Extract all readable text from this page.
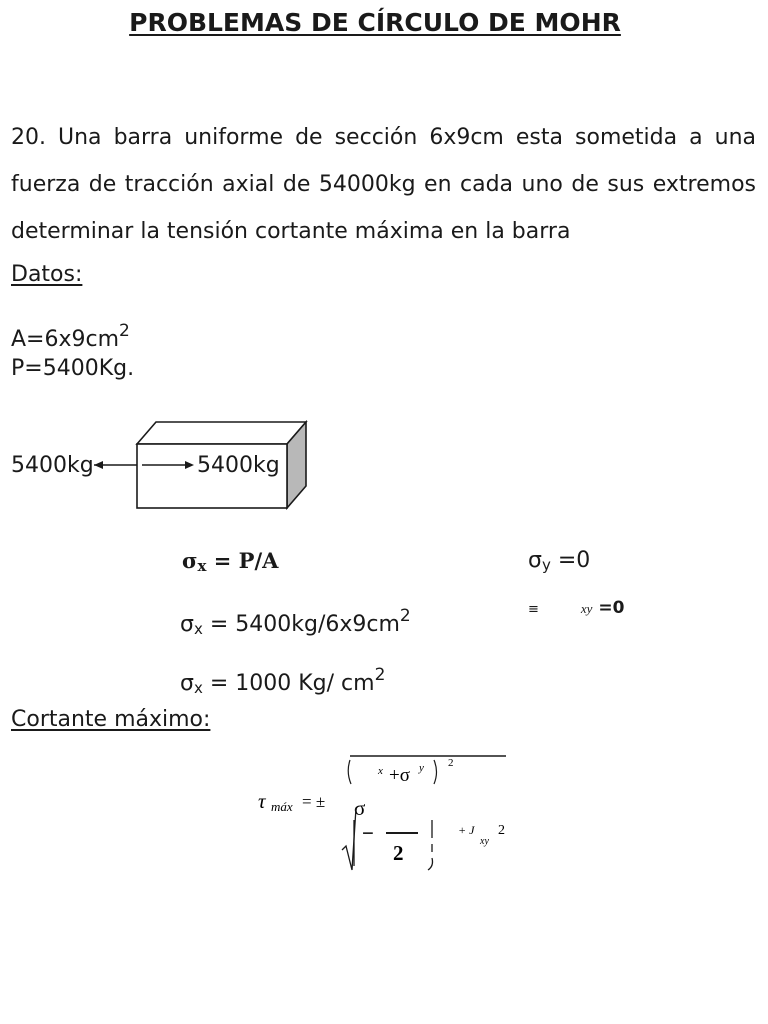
PROBLEMAS DE CÍRCULO DE MOHR
20. Una barra uniforme de sección 6x9cm esta sometida a una fuerza de tracción axial de 54000kg en cada uno de sus extremos determinar la tensión cortante máxima en la barra
Datos:
$A=6x9cm^2$
P=5400Kg.
5400kg	5400kg
$\sigma_x = P/A$	$\sigma_y =0$
$\sigma_x = 5400kg/6x9cm^2$	≡	xy =0
$\sigma_x = 1000$ Kg/ $cm^2$
Cortante máximo:
τ máx = ±
x +σ y 2
σ
−
2
+ J
xy
2
